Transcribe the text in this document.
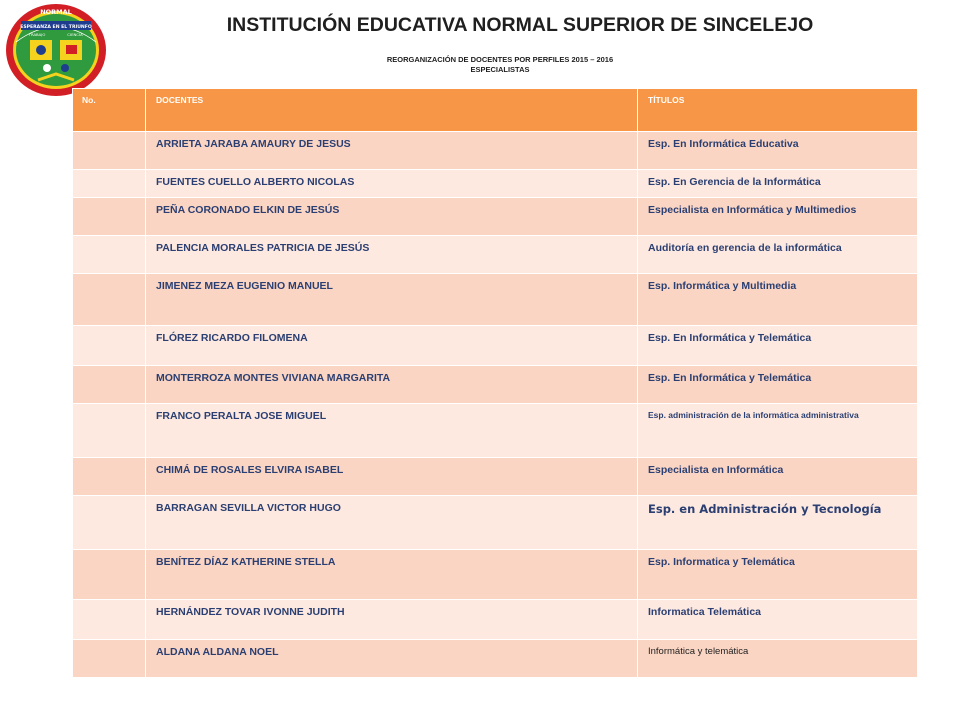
NORMAL
ESPERANZA EN EL TRIUNFO
TRABAJO	CIENCIA	INSTITUCIÓN EDUCATIVA NORMAL SUPERIOR DE SINCELEJO
REORGANIZACIÓN DE DOCENTES POR PERFILES 2015 – 2016
ESPECIALISTAS
No.	DOCENTES	TÍTULOS
	ARRIETA JARABA AMAURY DE JESUS	Esp. En Informática Educativa
	FUENTES CUELLO ALBERTO NICOLAS	Esp. En Gerencia de la Informática
	PEÑA CORONADO ELKIN DE JESÚS	Especialista en Informática y Multimedios
	PALENCIA MORALES PATRICIA DE JESÚS	Auditoría en gerencia de la informática
	JIMENEZ MEZA EUGENIO MANUEL	Esp. Informática y Multimedia
	FLÓREZ RICARDO FILOMENA	Esp. En Informática y Telemática
	MONTERROZA MONTES VIVIANA MARGARITA	Esp. En Informática y Telemática
	FRANCO PERALTA JOSE MIGUEL	Esp. administración de la informática administrativa
	CHIMÁ DE ROSALES ELVIRA ISABEL	Especialista en Informática
	BARRAGAN SEVILLA VICTOR HUGO	Esp. en Administración y Tecnología
	BENÍTEZ DÍAZ KATHERINE STELLA	Esp. Informatica y Telemática
	HERNÁNDEZ TOVAR IVONNE JUDITH	Informatica Telemática
	ALDANA ALDANA NOEL	Informática y telemática
